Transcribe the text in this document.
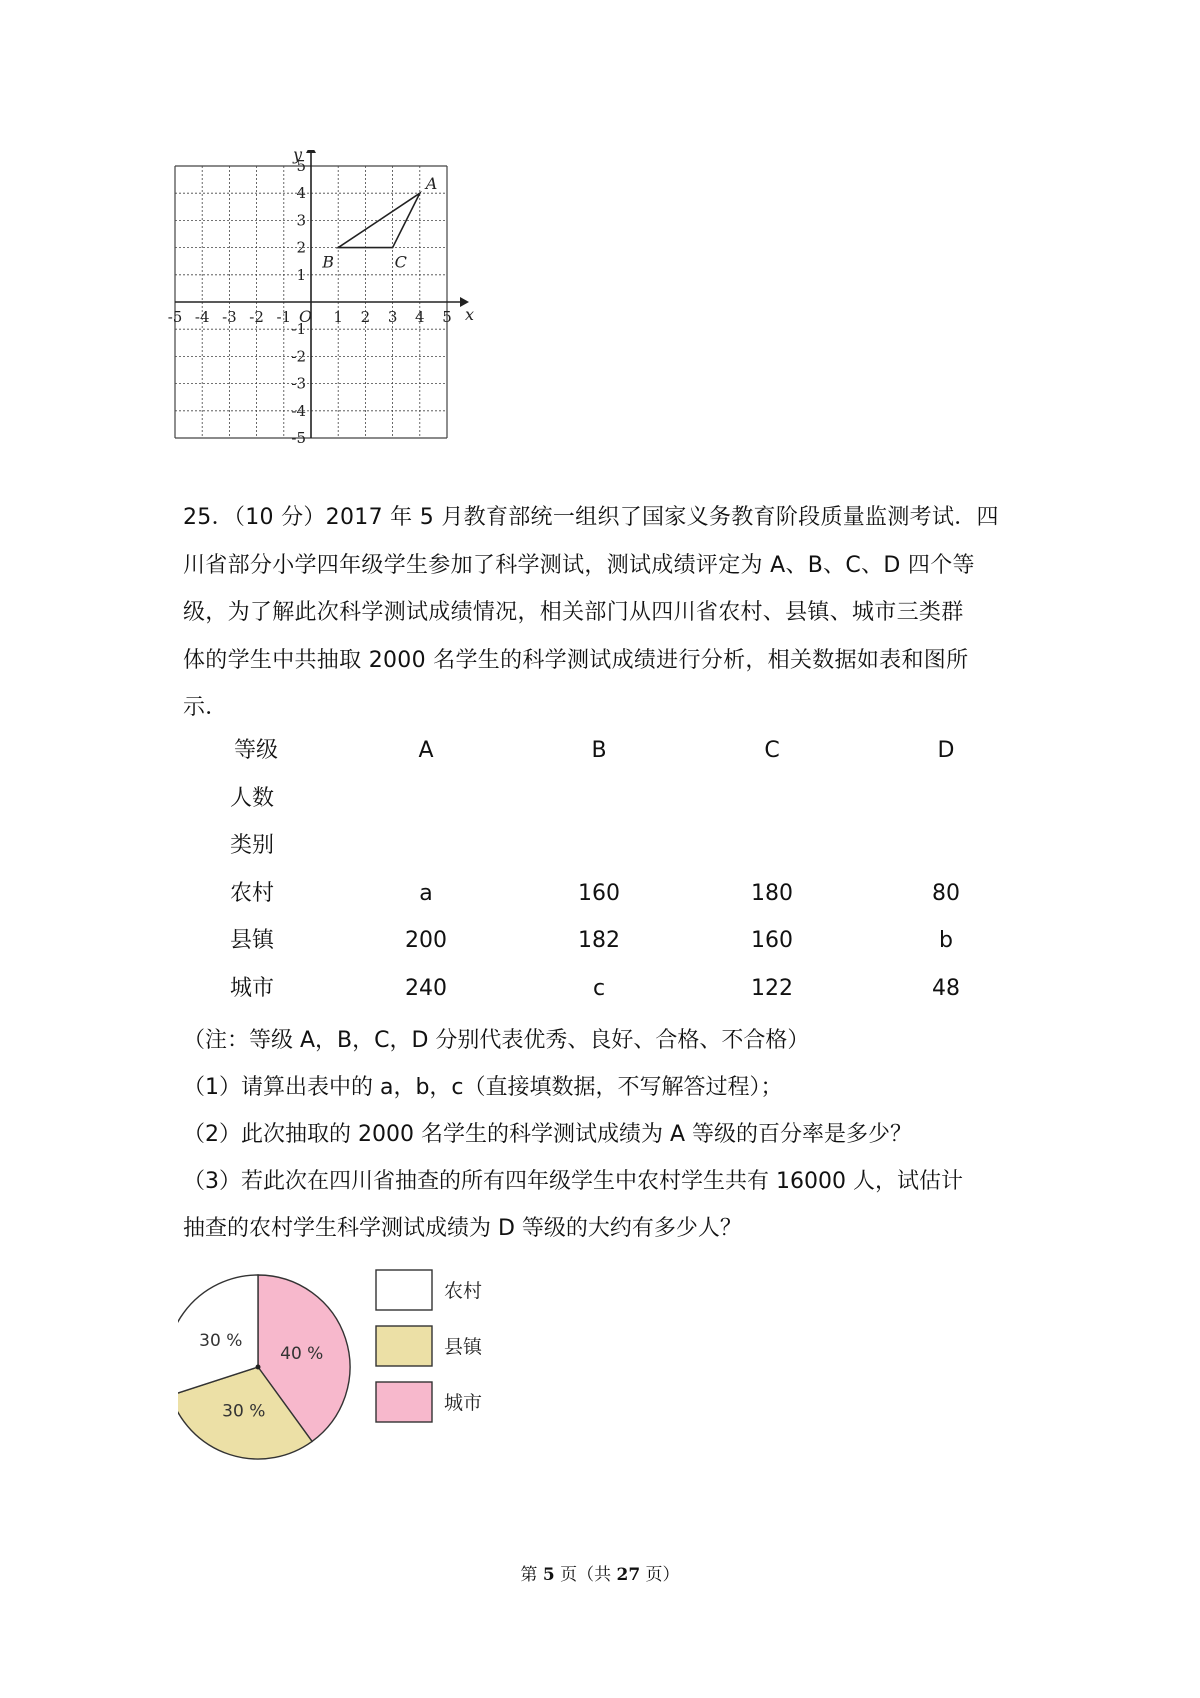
x
y
O
-5 -4 -3 -2 -1	1 2 3 4 5
5
4
3
2
1
-1
-2
-3
-4
-5
A
B	C
25．（10 分）2017 年 5 月教育部统一组织了国家义务教育阶段质量监测考试．四
川省部分小学四年级学生参加了科学测试，测试成绩评定为 A、B、C、D 四个等
级，为了解此次科学测试成绩情况，相关部门从四川省农村、县镇、城市三类群
体的学生中共抽取 2000 名学生的科学测试成绩进行分析，相关数据如表和图所
示．
等级	A	B	C	D
人数
类别
农村	a	160	180	80
县镇	200	182	160	b
城市	240	c	122	48
（注：等级 A，B，C，D 分别代表优秀、良好、合格、不合格）
（1）请算出表中的 a，b，c（直接填数据，不写解答过程）；
（2）此次抽取的 2000 名学生的科学测试成绩为 A 等级的百分率是多少？
（3）若此次在四川省抽查的所有四年级学生中农村学生共有 16000 人，试估计
抽查的农村学生科学测试成绩为 D 等级的大约有多少人？
40 %
30 %
30 %
农村
县镇
城市
第 5 页（共 27 页）
